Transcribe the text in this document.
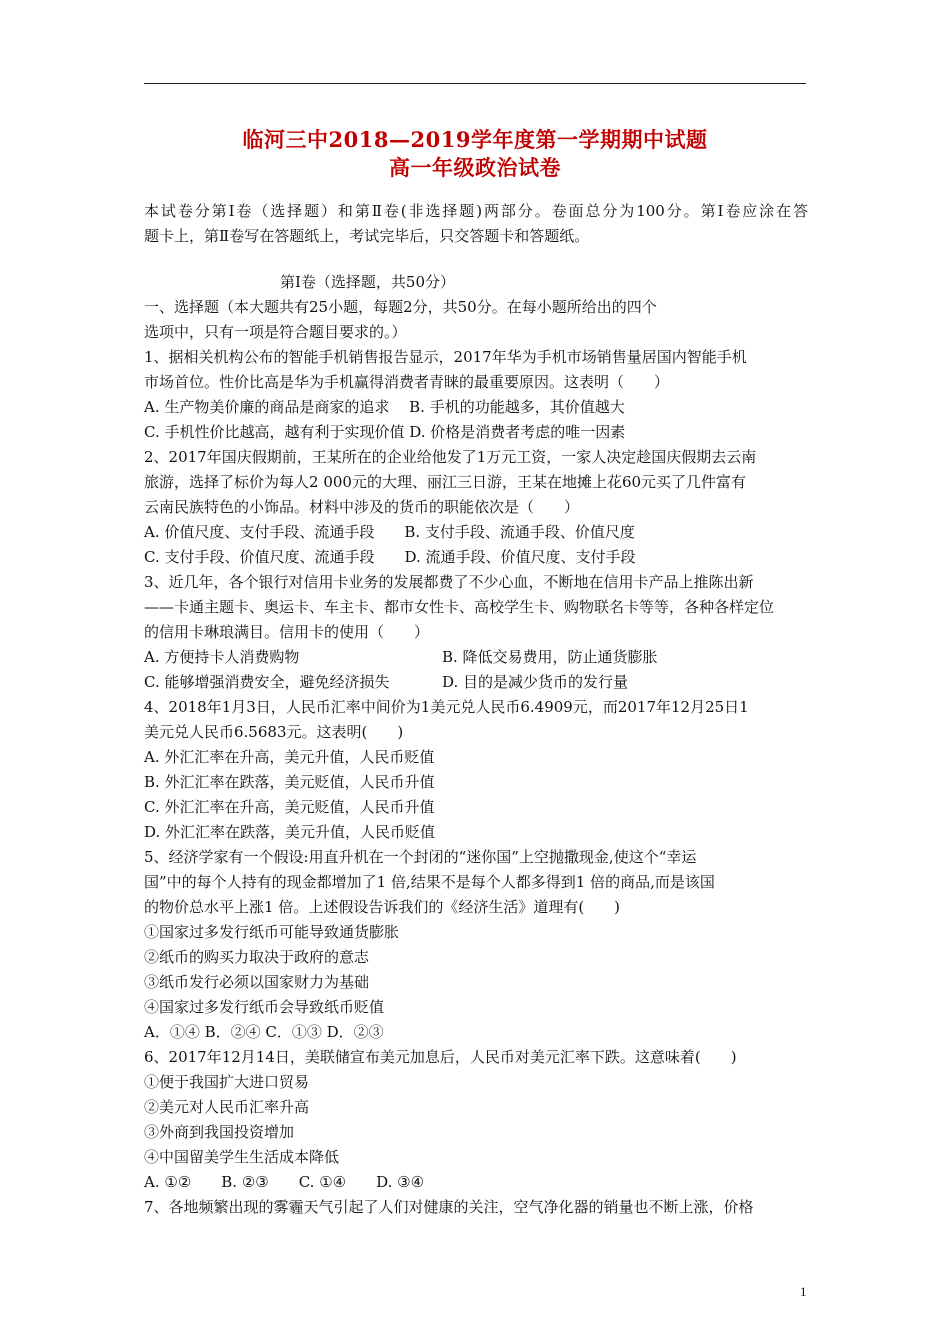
临河三中2018—2019学年度第一学期期中试题
高一年级政治试卷
本试卷分第Ⅰ卷（选择题）和第Ⅱ卷(非选择题)两部分。卷面总分为100分。第Ⅰ卷应涂在答
题卡上，第Ⅱ卷写在答题纸上，考试完毕后，只交答题卡和答题纸。
第Ⅰ卷（选择题，共50分）
一、选择题（本大题共有25小题，每题2分，共50分。在每小题所给出的四个
选项中，只有一项是符合题目要求的。）
1、据相关机构公布的智能手机销售报告显示，2017年华为手机市场销售量居国内智能手机
市场首位。性价比高是华为手机赢得消费者青睐的最重要原因。这表明（　　）
A. 生产物美价廉的商品是商家的追求　 B. 手机的功能越多，其价值越大
C. 手机性价比越高，越有利于实现价值 D. 价格是消费者考虑的唯一因素
2、2017年国庆假期前，王某所在的企业给他发了1万元工资，一家人决定趁国庆假期去云南
旅游，选择了标价为每人2 000元的大理、丽江三日游，王某在地摊上花60元买了几件富有
云南民族特色的小饰品。材料中涉及的货币的职能依次是（　　）
A. 价值尺度、支付手段、流通手段　　B. 支付手段、流通手段、价值尺度
C. 支付手段、价值尺度、流通手段　　D. 流通手段、价值尺度、支付手段
3、近几年，各个银行对信用卡业务的发展都费了不少心血，不断地在信用卡产品上推陈出新
——卡通主题卡、奥运卡、车主卡、都市女性卡、高校学生卡、购物联名卡等等，各种各样定位
的信用卡琳琅满目。信用卡的使用（　　）
A. 方便持卡人消费购物	B. 降低交易费用，防止通货膨胀
C. 能够增强消费安全，避免经济损失	D. 目的是减少货币的发行量
4、2018年1月3日，人民币汇率中间价为1美元兑人民币6.4909元，而2017年12月25日1
美元兑人民币6.5683元。这表明(　　)
A. 外汇汇率在升高，美元升值，人民币贬值
B. 外汇汇率在跌落，美元贬值，人民币升值
C. 外汇汇率在升高，美元贬值，人民币升值
D. 外汇汇率在跌落，美元升值，人民币贬值
5、经济学家有一个假设:用直升机在一个封闭的“迷你国”上空抛撒现金,使这个“幸运
国”中的每个人持有的现金都增加了1 倍,结果不是每个人都多得到1 倍的商品,而是该国
的物价总水平上涨1 倍。上述假设告诉我们的《经济生活》道理有(　　)
①国家过多发行纸币可能导致通货膨胀
②纸币的购买力取决于政府的意志
③纸币发行必须以国家财力为基础
④国家过多发行纸币会导致纸币贬值
A．①④ B．②④ C．①③ D．②③
6、2017年12月14日，美联储宣布美元加息后，人民币对美元汇率下跌。这意味着(　　)
①便于我国扩大进口贸易
②美元对人民币汇率升高
③外商到我国投资增加
④中国留美学生生活成本降低
A. ①②　　B. ②③　　C. ①④　　D. ③④
7、各地频繁出现的雾霾天气引起了人们对健康的关注，空气净化器的销量也不断上涨，价格
1
